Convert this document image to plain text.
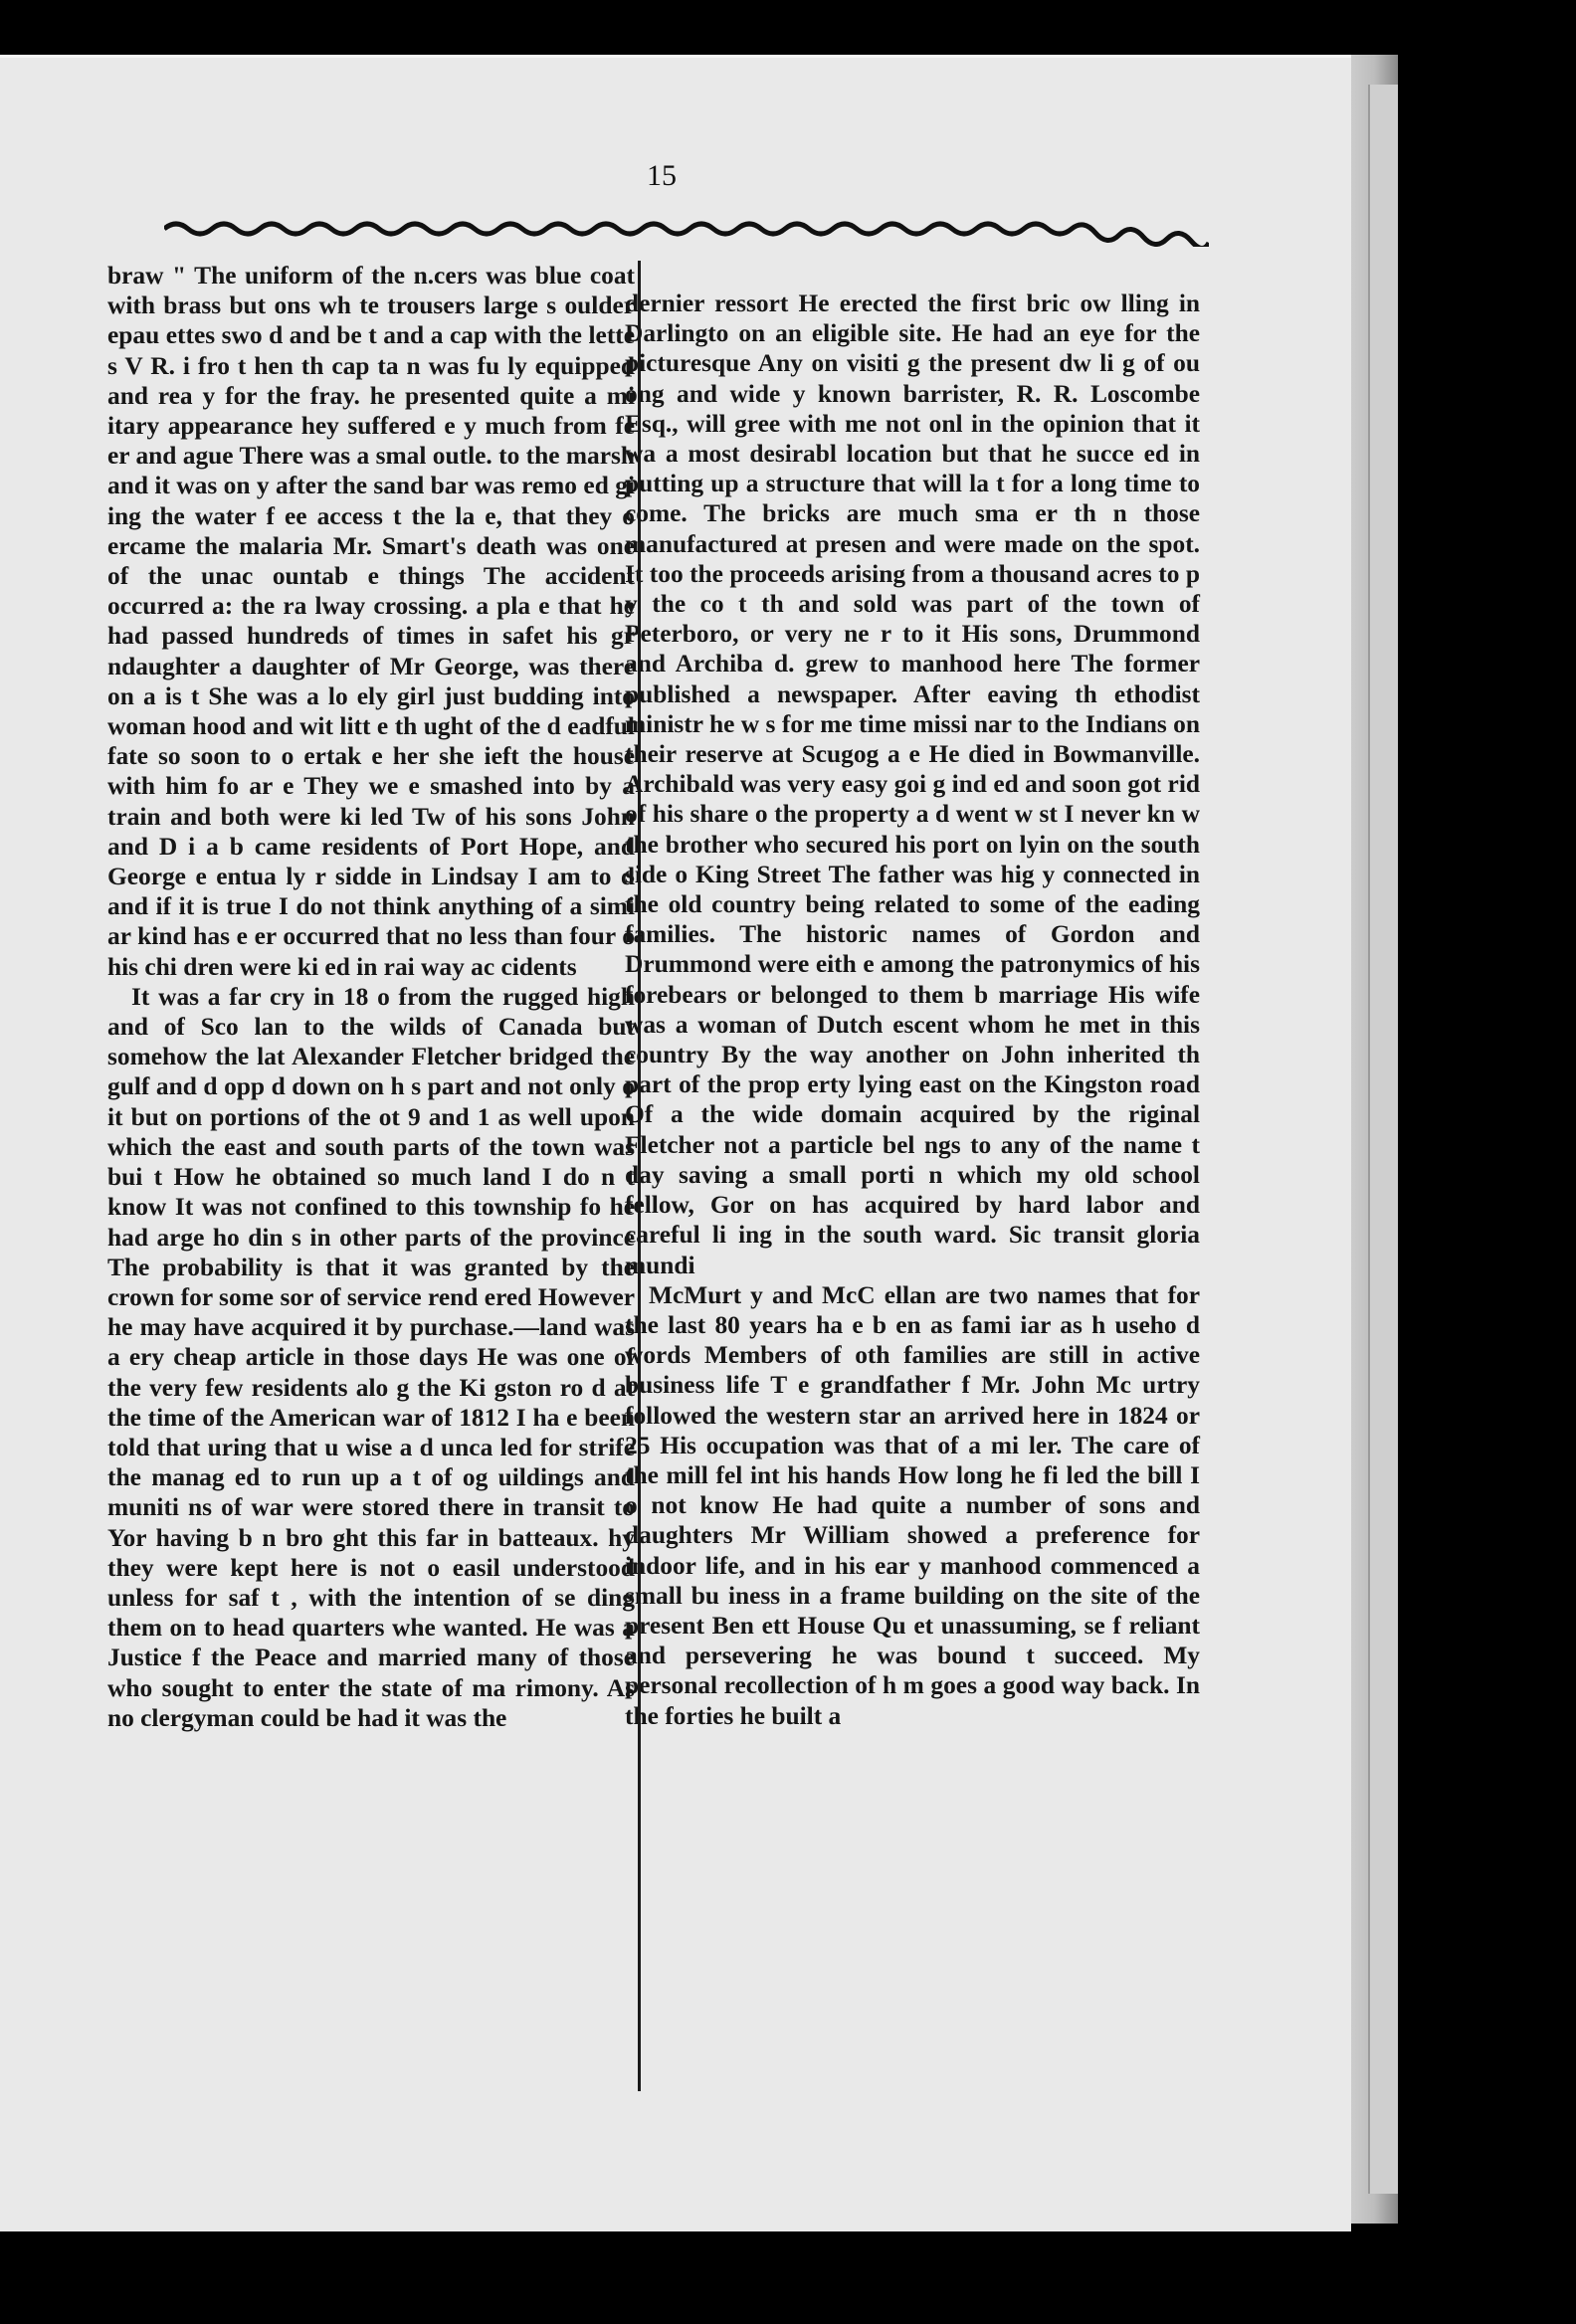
15

braw " The uniform of the n.cers was blue coat with brass but ons wh te trousers large s oulder epau ettes swo d and be t and a cap with the lette s V R. i fro t hen th cap ta n was fu ly equipped and rea y for the fray. he presented quite a mi itary appearance hey suffered e y much from fe er and ague There was a smal outle. to the marsh and it was on y after the sand bar was remo ed gi ing the water f ee access t the la e, that they o ercame the malaria Mr. Smart's death was one of the unac ountab e things The accident occurred a: the ra lway crossing. a pla e that he had passed hundreds of times in safet his gr ndaughter a daughter of Mr George, was there on a is t She was a lo ely girl just budding into woman hood and wit litt e th ught of the d eadful fate so soon to o ertak e her she ieft the house with him fo ar e They we e smashed into by a train and both were ki led Tw of his sons John and D i a b came residents of Port Hope, and George e entua ly r sidde in Lindsay I am to d and if it is true I do not think anything of a simi ar kind has e er occurred that no less than four o his chi dren were ki ed in rai way ac cidents

It was a far cry in 18 o from the rugged high and of Sco lan to the wilds of Canada but somehow the lat Alexander Fletcher bridged the gulf and d opp d down on h s part and not only o it but on portions of the ot 9 and 1 as well upon which the east and south parts of the town was bui t How he obtained so much land I do n t know It was not confined to this township fo he had arge ho din s in other parts of the province The probability is that it was granted by the crown for some sor of service rend ered However he may have acquired it by purchase.—land was a ery cheap article in those days He was one of the very few residents alo g the Ki gston ro d at the time of the American war of 1812 I ha e been told that uring that u wise a d unca led for strife the manag ed to run up a t of og uildings and muniti ns of war were stored there in transit to Yor having b n bro ght this far in batteaux. hy they were kept here is not o easil understood unless for saf t , with the intention of se ding them on to head quarters whe wanted. He was a Justice f the Peace and married many of those who sought to enter the state of ma rimony. As no clergyman could be had it was the

dernier ressort He erected the first bric ow lling in Darlingto on an eligible site. He had an eye for the picturesque Any on visiti g the present dw li g of ou ong and wide y known barrister, R. R. Loscombe Esq., will gree with me not onl in the opinion that it wa a most desirabl location but that he succe ed in putting up a structure that will la t for a long time to come. The bricks are much sma er th n those manufactured at presen and were made on the spot. It too the proceeds arising from a thousand acres to p y the co t th and sold was part of the town of Peterboro, or very ne r to it His sons, Drummond and Archiba d. grew to manhood here The former published a newspaper. After eaving th ethodist ministr he w s for me time missi nar to the Indians on their reserve at Scugog a e He died in Bowmanville. Archibald was very easy goi g ind ed and soon got rid of his share o the property a d went w st I never kn w the brother who secured his port on lyin on the south side o King Street The father was hig y connected in the old country being related to some of the eading families. The historic names of Gordon and Drummond were eith e among the patronymics of his forebears or belonged to them b marriage His wife was a woman of Dutch escent whom he met in this country By the way another on John inherited th part of the prop erty lying east on the Kingston road Of a the wide domain acquired by the riginal Fletcher not a particle bel ngs to any of the name t day saving a small porti n which my old school fellow, Gor on has acquired by hard labor and careful li ing in the south ward. Sic transit gloria mundi

McMurt y and McC ellan are two names that for the last 80 years ha e b en as fami iar as h useho d words Members of oth families are still in active business life T e grandfather f Mr. John Mc urtry followed the western star an arrived here in 1824 or 25 His occupation was that of a mi ler. The care of the mill fel int his hands How long he fi led the bill I o not know He had quite a number of sons and daughters Mr William showed a preference for indoor life, and in his ear y manhood commenced a small bu iness in a frame building on the site of the present Ben ett House Qu et unassuming, se f reliant and persevering he was bound t succeed. My personal recollection of h m goes a good way back. In the forties he built a
